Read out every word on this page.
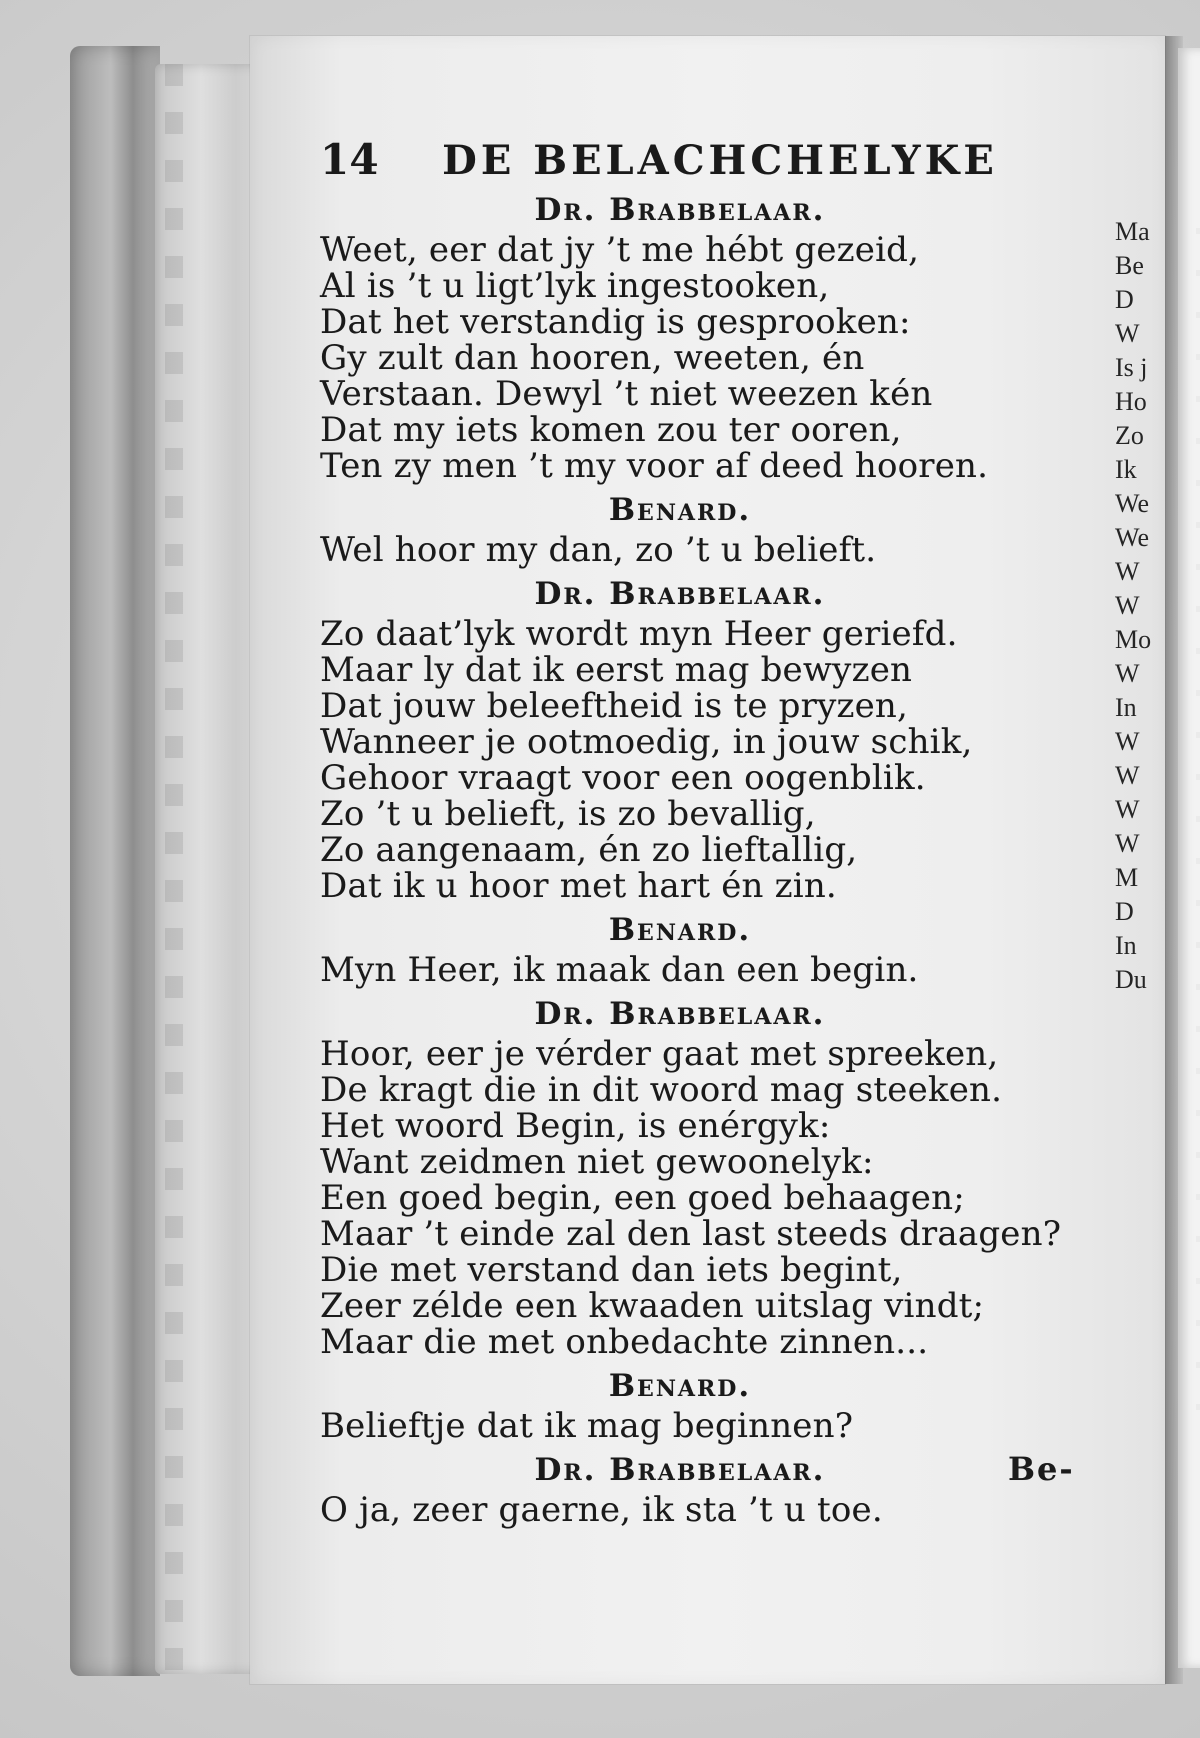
14	DE BELACHCHELYKE
Dr. Brabbelaar.
Weet, eer dat jy ’t me hébt gezeid,
Al is ’t u ligt’lyk ingestooken,
Dat het verstandig is gesprooken:
Gy zult dan hooren, weeten, én
Verstaan. Dewyl ’t niet weezen kén
Dat my iets komen zou ter ooren,
Ten zy men ’t my voor af deed hooren.
Benard.
Wel hoor my dan, zo ’t u belieft.
Dr. Brabbelaar.
Zo daat’lyk wordt myn Heer geriefd.
Maar ly dat ik eerst mag bewyzen
Dat jouw beleeftheid is te pryzen,
Wanneer je ootmoedig, in jouw schik,
Gehoor vraagt voor een oogenblik.
Zo ’t u belieft, is zo bevallig,
Zo aangenaam, én zo lieftallig,
Dat ik u hoor met hart én zin.
Benard.
Myn Heer, ik maak dan een begin.
Dr. Brabbelaar.
Hoor, eer je vérder gaat met spreeken,
De kragt die in dit woord mag steeken.
Het woord Begin, is enérgyk:
Want zeidmen niet gewoonelyk:
Een goed begin, een goed behaagen;
Maar ’t einde zal den last steeds draagen?
Die met verstand dan iets begint,
Zeer zélde een kwaaden uitslag vindt;
Maar die met onbedachte zinnen...
Benard.
Belieftje dat ik mag beginnen?
Dr. Brabbelaar.
O ja, zeer gaerne, ik sta ’t u toe.
Be-
Ma
Be
D
W
Is j
Ho
Zo
Ik
We
We
W
W
Mo
W
In
W
W
W
W
M
D
In
Du
